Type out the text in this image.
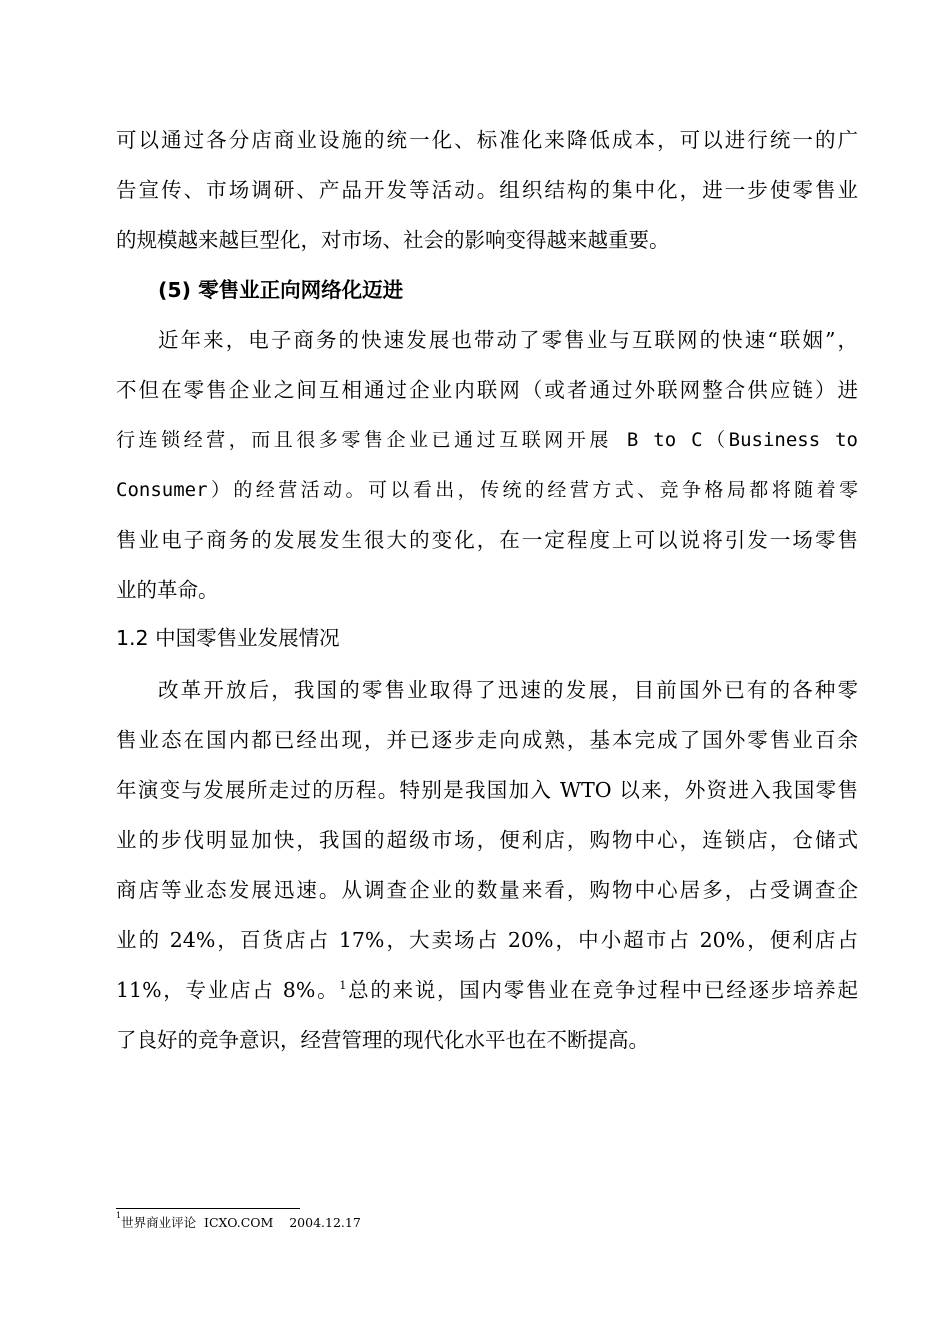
可以通过各分店商业设施的统一化、标准化来降低成本，可以进行统一的广
告宣传、市场调研、产品开发等活动。组织结构的集中化，进一步使零售业
的规模越来越巨型化，对市场、社会的影响变得越来越重要。
(5) 零售业正向网络化迈进
近年来，电子商务的快速发展也带动了零售业与互联网的快速“联姻”，
不但在零售企业之间互相通过企业内联网（或者通过外联网整合供应链）进
行连锁经营，而且很多零售企业已通过互联网开展 B to C（Business to
Consumer）的经营活动。可以看出，传统的经营方式、竞争格局都将随着零
售业电子商务的发展发生很大的变化，在一定程度上可以说将引发一场零售
业的革命。
1.2 中国零售业发展情况
改革开放后，我国的零售业取得了迅速的发展，目前国外已有的各种零
售业态在国内都已经出现，并已逐步走向成熟，基本完成了国外零售业百余
年演变与发展所走过的历程。特别是我国加入 WTO 以来，外资进入我国零售
业的步伐明显加快，我国的超级市场，便利店，购物中心，连锁店，仓储式
商店等业态发展迅速。从调查企业的数量来看，购物中心居多，占受调查企
业的 24%，百货店占 17%，大卖场占 20%，中小超市占 20%，便利店占
11%，专业店占 8%。$^1$总的来说，国内零售业在竞争过程中已经逐步培养起
了良好的竞争意识，经营管理的现代化水平也在不断提高。
$^1$世界商业评论  ICXO.COM    2004.12.17
